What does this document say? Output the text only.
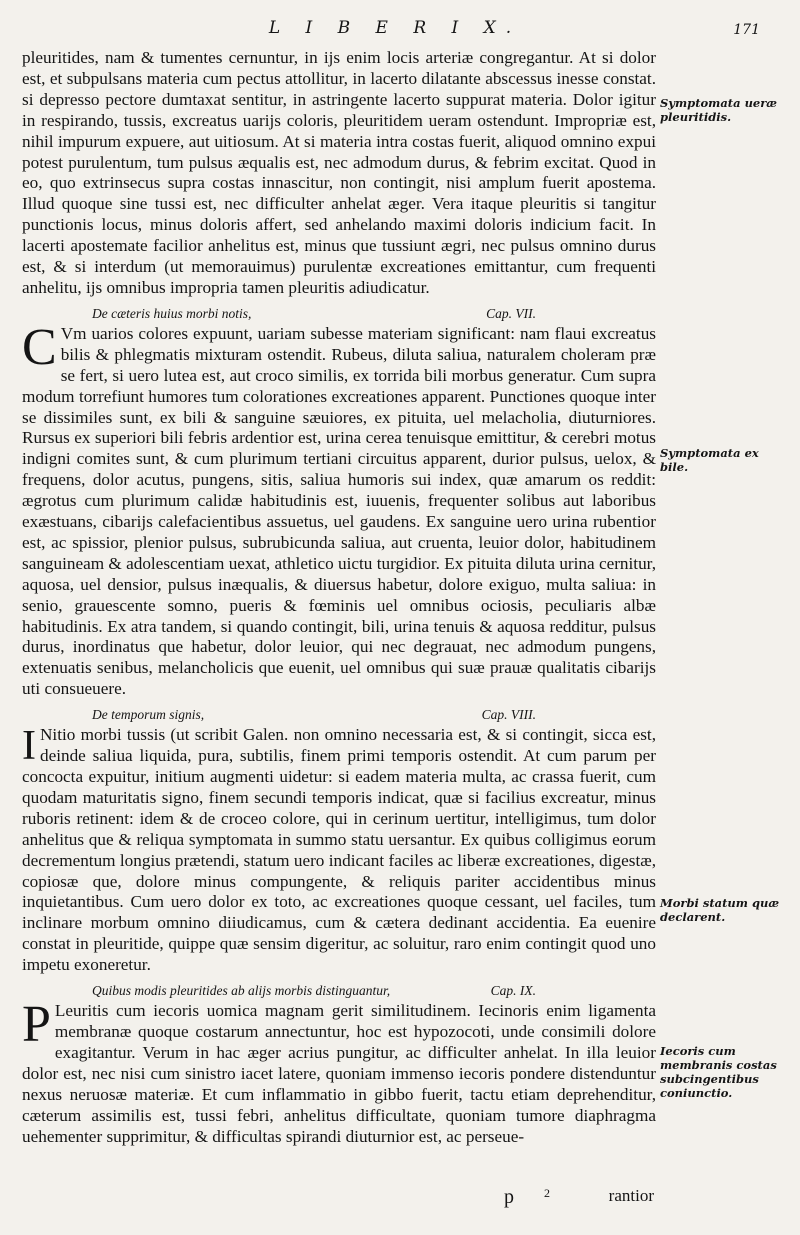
L I B E R I X.	171

pleuritides, nam & tumentes cernuntur, in ijs enim locis arteriæ congregantur. At si dolor est, et subpulsans materia cum pectus attollitur, in lacerto dilatante abscessus inesse constat. si depresso pectore dumtaxat sentitur, in astringente lacerto suppurat materia. Dolor igitur in respirando, tussis, excreatus uarijs coloris, pleuritidem ueram ostendunt. Impropriæ est, nihil impurum expuere, aut uitiosum. At si materia intra costas fuerit, aliquod omnino expui potest purulentum, tum pulsus æqualis est, nec admodum durus, & febrim excitat. Quod in eo, quo extrinsecus supra costas innascitur, non contingit, nisi amplum fuerit apostema. Illud quoque sine tussi est, nec difficulter anhelat æger. Vera itaque pleuritis si tangitur punctionis locus, minus doloris affert, sed anhelando maximi doloris indicium facit. In lacerti apostemate facilior anhelitus est, minus que tussiunt ægri, nec pulsus omnino durus est, & si interdum (ut memorauimus) purulentæ excreationes emittantur, cum frequenti anhelitu, ijs omnibus impropria tamen pleuritis adiudicatur.

De cæteris huius morbi notis,	Cap. VII.
C Vm uarios colores expuunt, uariam subesse materiam significant: nam flaui excreatus bilis & phlegmatis mixturam ostendit. Rubeus, diluta saliua, naturalem choleram præ se fert, si uero lutea est, aut croco similis, ex torrida bili morbus generatur. Cum supra modum torrefiunt humores tum colorationes excreationes apparent. Punctiones quoque inter se dissimiles sunt, ex bili & sanguine sæuiores, ex pituita, uel melacholia, diuturniores. Rursus ex superiori bili febris ardentior est, urina cerea tenuisque emittitur, & cerebri motus indigni comites sunt, & cum plurimum tertiani circuitus apparent, durior pulsus, uelox, & frequens, dolor acutus, pungens, sitis, saliua humoris sui index, quæ amarum os reddit: ægrotus cum plurimum calidæ habitudinis est, iuuenis, frequenter solibus aut laboribus exæstuans, cibarijs calefacientibus assuetus, uel gaudens. Ex sanguine uero urina rubentior est, ac spissior, plenior pulsus, subrubicunda saliua, aut cruenta, leuior dolor, habitudinem sanguineam & adolescentiam uexat, athletico uictu turgidior. Ex pituita diluta urina cernitur, aquosa, uel densior, pulsus inæqualis, & diuersus habetur, dolore exiguo, multa saliua: in senio, grauescente somno, pueris & fœminis uel omnibus ociosis, peculiaris albæ habitudinis. Ex atra tandem, si quando contingit, bili, urina tenuis & aquosa redditur, pulsus durus, inordinatus que habetur, dolor leuior, qui nec degrauat, nec admodum pungens, extenuatis senibus, melancholicis que euenit, uel omnibus qui suæ prauæ qualitatis cibarijs uti consueuere.

De temporum signis,	Cap. VIII.
I Nitio morbi tussis (ut scribit Galen. non omnino necessaria est, & si contingit, sicca est, deinde saliua liquida, pura, subtilis, finem primi temporis ostendit. At cum parum per concocta expuitur, initium augmenti uidetur: si eadem materia multa, ac crassa fuerit, cum quodam maturitatis signo, finem secundi temporis indicat, quæ si facilius excreatur, minus ruboris retinent: idem & de croceo colore, qui in cerinum uertitur, intelligimus, tum dolor anhelitus que & reliqua symptomata in summo statu uersantur. Ex quibus colligimus eorum decrementum longius prætendi, statum uero indicant faciles ac liberæ excreationes, digestæ, copiosæ que, dolore minus compungente, & reliquis pariter accidentibus minus inquietantibus. Cum uero dolor ex toto, ac excreationes quoque cessant, uel faciles, tum inclinare morbum omnino diiudicamus, cum & cætera dedinant accidentia. Ea euenire constat in pleuritide, quippe quæ sensim digeritur, ac soluitur, raro enim contingit quod uno impetu exoneretur.

Quibus modis pleuritides ab alijs morbis distinguantur,	Cap. IX.
P Leuritis cum iecoris uomica magnam gerit similitudinem. Iecinoris enim ligamenta membranæ quoque costarum annectuntur, hoc est hypozocoti, unde consimili dolore exagitantur. Verum in hac æger acrius pungitur, ac difficulter anhelat. In illa leuior dolor est, nec nisi cum sinistro iacet latere, quoniam immenso iecoris pondere distenduntur nexus neruosæ materiæ. Et cum inflammatio in gibbo fuerit, tactu etiam deprehenditur, cæterum assimilis est, tussi febri, anhelitus difficultate, quoniam tumore diaphragma uehementer supprimitur, & difficultas spirandi diuturnior est, ac perseue-

Symptomata ueræ pleuritidis.
Symptomata ex bile.
Morbi statum quæ declarent.
Iecoris cum membranis costas subcingentibus coniunctio.
p	2	rantior
